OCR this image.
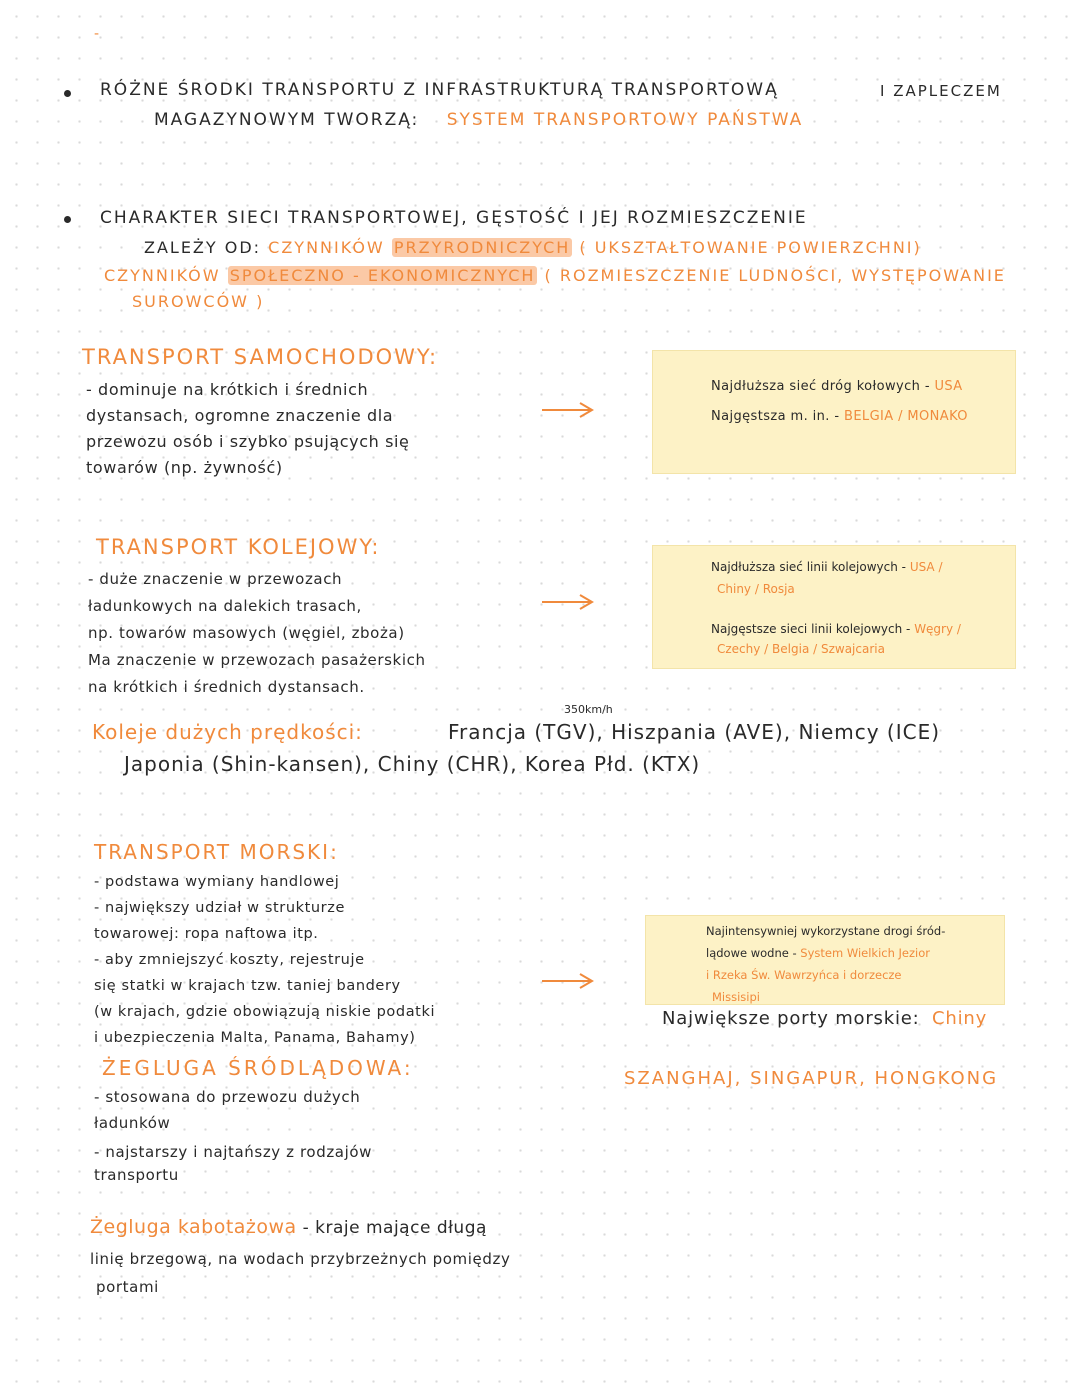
-
RÓŻNE ŚRODKI TRANSPORTU Z INFRASTRUKTURĄ TRANSPORTOWĄ	I ZAPLECZEM
MAGAZYNOWYM TWORZĄ: SYSTEM TRANSPORTOWY PAŃSTWA
CHARAKTER SIECI TRANSPORTOWEJ, GĘSTOŚĆ I JEJ ROZMIESZCZENIE
ZALEŻY OD: CZYNNIKÓW PRZYRODNICZYCH ( UKSZTAŁTOWANIE POWIERZCHNI)
CZYNNIKÓW SPOŁECZNO - EKONOMICZNYCH ( ROZMIESZCZENIE LUDNOŚCI, WYSTĘPOWANIE
SUROWCÓW )
TRANSPORT SAMOCHODOWY:
- dominuje na krótkich i średnich
dystansach, ogromne znaczenie dla
przewozu osób i szybko psujących się
towarów (np. żywność)
Najdłuższa sieć dróg kołowych - USA
Najgęstsza m. in. - BELGIA / MONAKO
TRANSPORT KOLEJOWY:
- duże znaczenie w przewozach
ładunkowych na dalekich trasach,
np. towarów masowych (węgiel, zboża)
Ma znaczenie w przewozach pasażerskich
na krótkich i średnich dystansach.
Najdłuższa sieć linii kolejowych - USA /
Chiny / Rosja
Najgęstsze sieci linii kolejowych - Węgry /
Czechy / Belgia / Szwajcaria
350km/h
Koleje dużych prędkości:	Francja (TGV), Hiszpania (AVE), Niemcy (ICE)
Japonia (Shin-kansen), Chiny (CHR), Korea Płd. (KTX)
TRANSPORT MORSKI:
- podstawa wymiany handlowej
- największy udział w strukturze
towarowej: ropa naftowa itp.
- aby zmniejszyć koszty, rejestruje
się statki w krajach tzw. taniej bandery
(w krajach, gdzie obowiązują niskie podatki
i ubezpieczenia Malta, Panama, Bahamy)
Najintensywniej wykorzystane drogi śród-
lądowe wodne - System Wielkich Jezior
i Rzeka Św. Wawrzyńca i dorzecze
Missisipi
Największe porty morskie: Chiny
SZANGHAJ, SINGAPUR, HONGKONG
ŻEGLUGA ŚRÓDLĄDOWA:
- stosowana do przewozu dużych
ładunków
- najstarszy i najtańszy z rodzajów
transportu
Żegluga kabotażowa - kraje mające długą
linię brzegową, na wodach przybrzeżnych pomiędzy
portami
